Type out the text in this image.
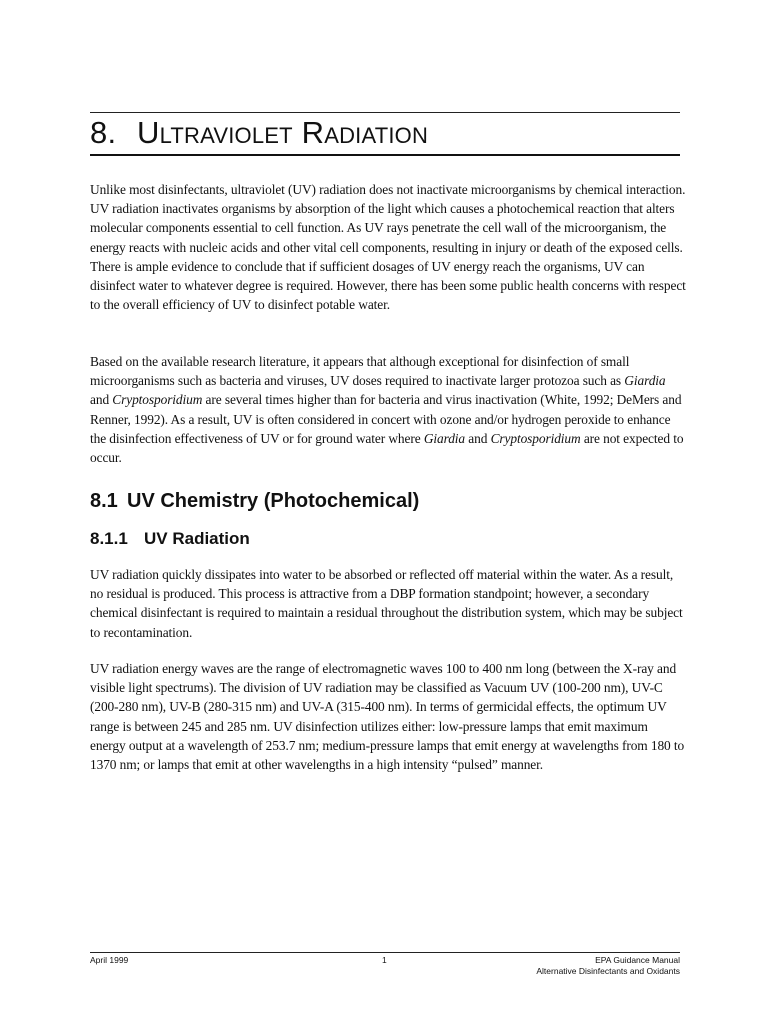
8. Ultraviolet Radiation

Unlike most disinfectants, ultraviolet (UV) radiation does not inactivate microorganisms by chemical interaction. UV radiation inactivates organisms by absorption of the light which causes a photochemical reaction that alters molecular components essential to cell function. As UV rays penetrate the cell wall of the microorganism, the energy reacts with nucleic acids and other vital cell components, resulting in injury or death of the exposed cells. There is ample evidence to conclude that if sufficient dosages of UV energy reach the organisms, UV can disinfect water to whatever degree is required. However, there has been some public health concerns with respect to the overall efficiency of UV to disinfect potable water.

Based on the available research literature, it appears that although exceptional for disinfection of small microorganisms such as bacteria and viruses, UV doses required to inactivate larger protozoa such as Giardia and Cryptosporidium are several times higher than for bacteria and virus inactivation (White, 1992; DeMers and Renner, 1992). As a result, UV is often considered in concert with ozone and/or hydrogen peroxide to enhance the disinfection effectiveness of UV or for ground water where Giardia and Cryptosporidium are not expected to occur.

8.1 UV Chemistry (Photochemical)
8.1.1 UV Radiation

UV radiation quickly dissipates into water to be absorbed or reflected off material within the water. As a result, no residual is produced. This process is attractive from a DBP formation standpoint; however, a secondary chemical disinfectant is required to maintain a residual throughout the distribution system, which may be subject to recontamination.

UV radiation energy waves are the range of electromagnetic waves 100 to 400 nm long (between the X-ray and visible light spectrums). The division of UV radiation may be classified as Vacuum UV (100-200 nm), UV-C (200-280 nm), UV-B (280-315 nm) and UV-A (315-400 nm). In terms of germicidal effects, the optimum UV range is between 245 and 285 nm. UV disinfection utilizes either: low-pressure lamps that emit maximum energy output at a wavelength of 253.7 nm; medium-pressure lamps that emit energy at wavelengths from 180 to 1370 nm; or lamps that emit at other wavelengths in a high intensity “pulsed” manner.

April 1999	1	EPA Guidance Manual
Alternative Disinfectants and Oxidants
